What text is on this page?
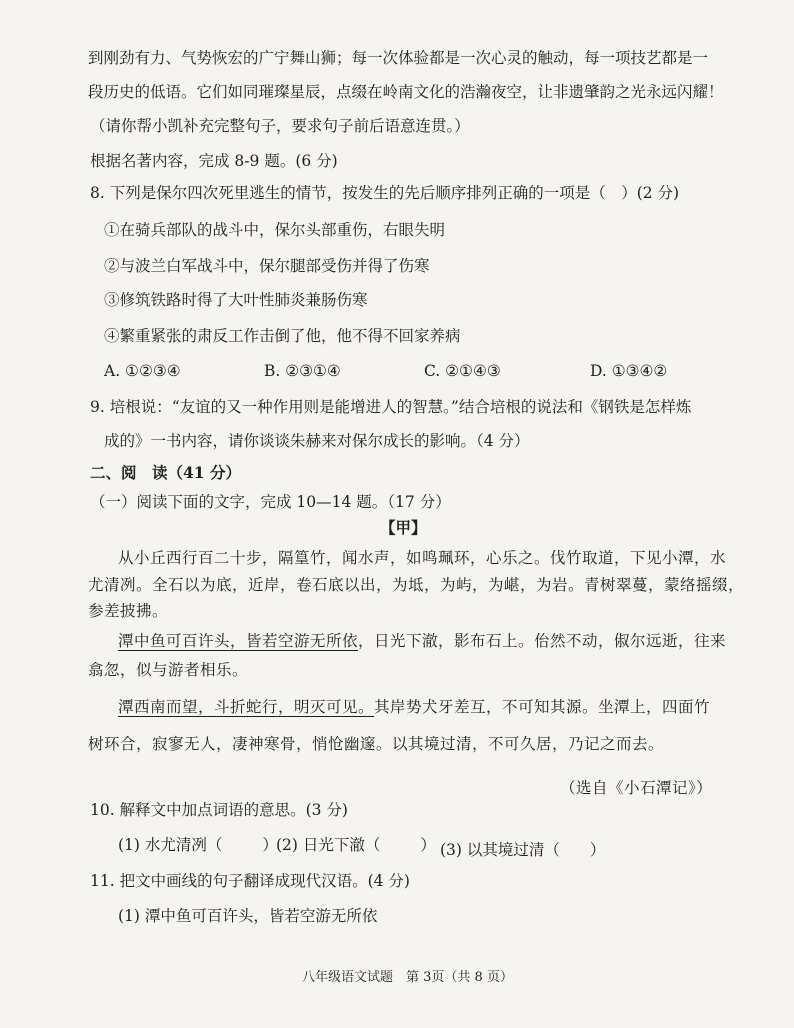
到刚劲有力、气势恢宏的广宁舞山狮；每一次体验都是一次心灵的触动，每一项技艺都是一
段历史的低语。它们如同璀璨星辰，点缀在岭南文化的浩瀚夜空，让非遗肇韵之光永远闪耀！
（请你帮小凯补充完整句子，要求句子前后语意连贯。）
根据名著内容，完成 8-9 题。(6 分)
8. 下列是保尔四次死里逃生的情节，按发生的先后顺序排列正确的一项是（　）(2 分)
①在骑兵部队的战斗中，保尔头部重伤，右眼失明
②与波兰白军战斗中，保尔腿部受伤并得了伤寒
③修筑铁路时得了大叶性肺炎兼肠伤寒
④繁重紧张的肃反工作击倒了他，他不得不回家养病
A. ①②③④	B. ②③①④	C. ②①④③	D. ①③④②
9. 培根说：“友谊的又一种作用则是能增进人的智慧。”结合培根的说法和《钢铁是怎样炼
成的》一书内容，请你谈谈朱赫来对保尔成长的影响。（4 分）
二、阅　读（41 分）
（一）阅读下面的文字，完成 10—14 题。（17 分）
【甲】
从小丘西行百二十步，隔篁竹，闻水声，如鸣珮环，心乐之。伐竹取道，下见小潭，水
尤清冽。全石以为底，近岸，卷石底以出，为坻，为屿，为嵁，为岩。青树翠蔓，蒙络摇缀，
参差披拂。
潭中鱼可百许头，皆若空游无所依，日光下澈，影布石上。佁然不动，俶尔远逝，往来
翕忽，似与游者相乐。
潭西南而望，斗折蛇行，明灭可见。其岸势犬牙差互，不可知其源。坐潭上，四面竹
树环合，寂寥无人，凄神寒骨，悄怆幽邃。以其境过清，不可久居，乃记之而去。
（选自《小石潭记》）
10. 解释文中加点词语的意思。(3 分)
(1) 水尤清冽（	）
(2) 日光下澈（	） (3) 以其境过清（ ）
11. 把文中画线的句子翻译成现代汉语。(4 分)
(1) 潭中鱼可百许头，皆若空游无所依
八年级语文试题　第 3页（共 8 页）
